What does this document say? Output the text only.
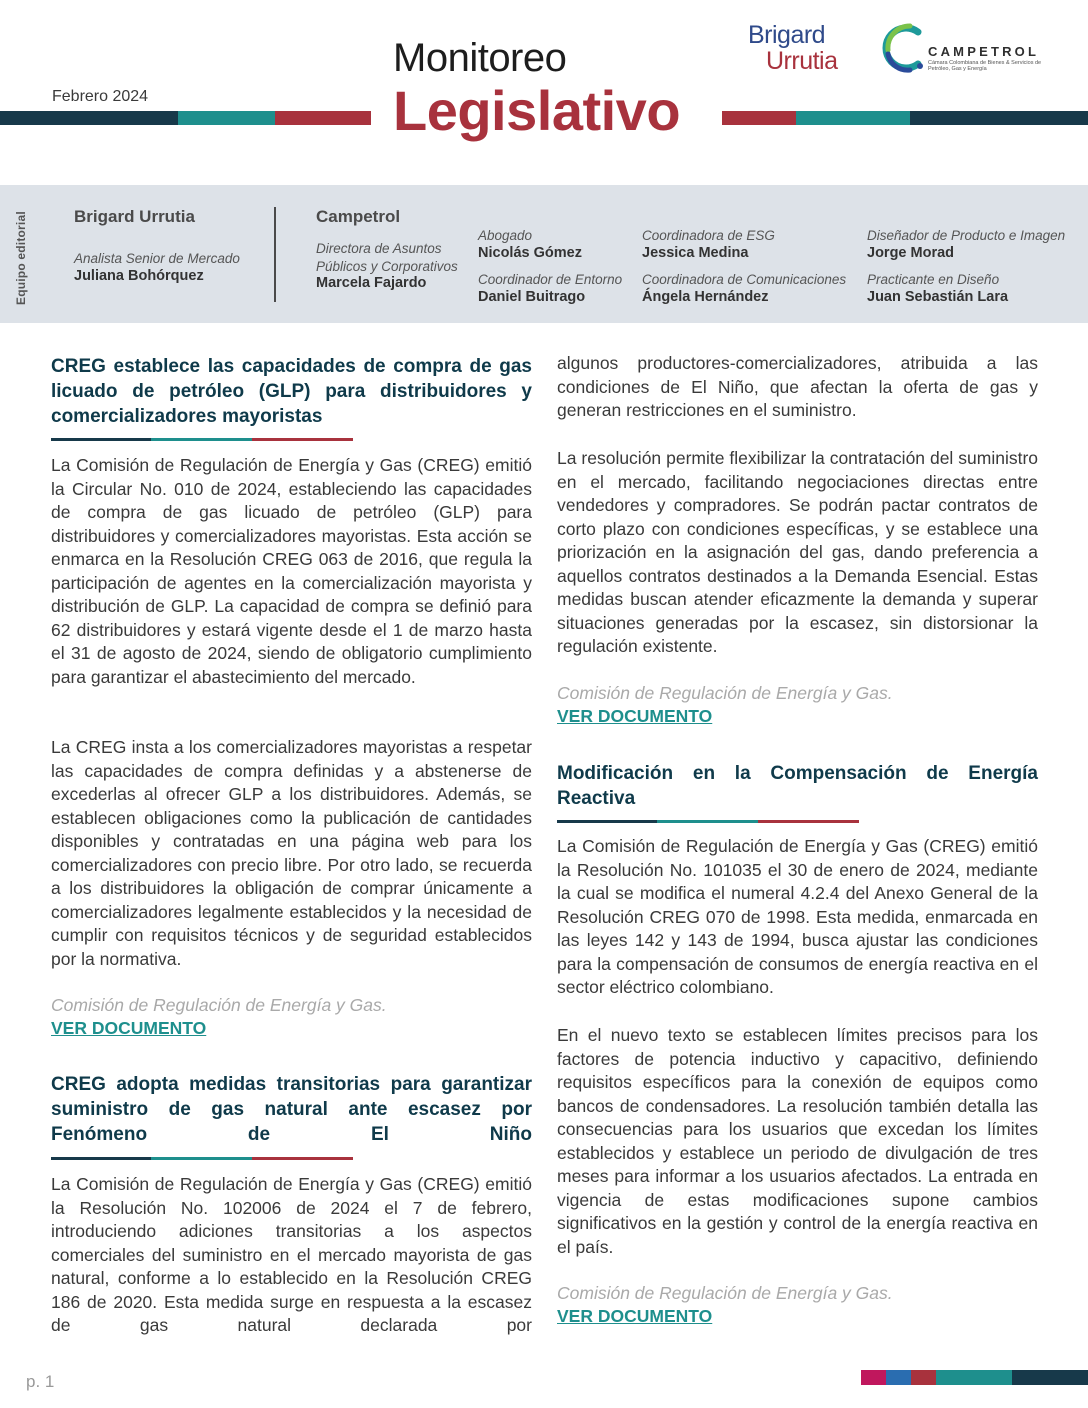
Monitoreo
Legislativo
Febrero 2024
Brigard
Urrutia	CAMPETROL
Cámara Colombiana de Bienes & Servicios de Petróleo, Gas y Energía
Equipo editorial	Brigard Urrutia
Analista Senior de Mercado
Juliana Bohórquez
Campetrol
Directora de Asuntos Públicos y Corporativos
Marcela Fajardo
Abogado
Nicolás Gómez
Coordinador de Entorno
Daniel Buitrago
Coordinadora de ESG
Jessica Medina
Coordinadora de Comunicaciones
Ángela Hernández
Diseñador de Producto e Imagen
Jorge Morad
Practicante en Diseño
Juan Sebastián Lara
CREG establece las capacidades de compra de gas licuado de petróleo (GLP) para distribuidores y comercializadores mayoristas
La Comisión de Regulación de Energía y Gas (CREG) emitió la Circular No. 010 de 2024, estableciendo las capacidades de compra de gas licuado de petróleo (GLP) para distribuidores y comercializadores mayoristas. Esta acción se enmarca en la Resolución CREG 063 de 2016, que regula la participación de agentes en la comercialización mayorista y distribución de GLP. La capacidad de compra se definió para 62 distribuidores y estará vigente desde el 1 de marzo hasta el 31 de agosto de 2024, siendo de obligatorio cumplimiento para garantizar el abastecimiento del mercado.
La CREG insta a los comercializadores mayoristas a respetar las capacidades de compra definidas y a abstenerse de excederlas al ofrecer GLP a los distribuidores. Además, se establecen obligaciones como la publicación de cantidades disponibles y contratadas en una página web para los comercializadores con precio libre. Por otro lado, se recuerda a los distribuidores la obligación de comprar únicamente a comercializadores legalmente establecidos y la necesidad de cumplir con requisitos técnicos y de seguridad establecidos por la normativa.
Comisión de Regulación de Energía y Gas.
VER DOCUMENTO
CREG adopta medidas transitorias para garantizar suministro de gas natural ante escasez por Fenómeno de El Niño
La Comisión de Regulación de Energía y Gas (CREG) emitió la Resolución No. 102006 de 2024 el 7 de febrero, introduciendo adiciones transitorias a los aspectos comerciales del suministro en el mercado mayorista de gas natural, conforme a lo establecido en la Resolución CREG 186 de 2020. Esta medida surge en respuesta a la escasez de gas natural declarada por
algunos productores-comercializadores, atribuida a las condiciones de El Niño, que afectan la oferta de gas y generan restricciones en el suministro.
La resolución permite flexibilizar la contratación del suministro en el mercado, facilitando negociaciones directas entre vendedores y compradores. Se podrán pactar contratos de corto plazo con condiciones específicas, y se establece una priorización en la asignación del gas, dando preferencia a aquellos contratos destinados a la Demanda Esencial. Estas medidas buscan atender eficazmente la demanda y superar situaciones generadas por la escasez, sin distorsionar la regulación existente.
Comisión de Regulación de Energía y Gas.
VER DOCUMENTO
Modificación en la Compensación de Energía Reactiva
La Comisión de Regulación de Energía y Gas (CREG) emitió la Resolución No. 101035 el 30 de enero de 2024, mediante la cual se modifica el numeral 4.2.4 del Anexo General de la Resolución CREG 070 de 1998. Esta medida, enmarcada en las leyes 142 y 143 de 1994, busca ajustar las condiciones para la compensación de consumos de energía reactiva en el sector eléctrico colombiano.
En el nuevo texto se establecen límites precisos para los factores de potencia inductivo y capacitivo, definiendo requisitos específicos para la conexión de equipos como bancos de condensadores. La resolución también detalla las consecuencias para los usuarios que excedan los límites establecidos y establece un periodo de divulgación de tres meses para informar a los usuarios afectados. La entrada en vigencia de estas modificaciones supone cambios significativos en la gestión y control de la energía reactiva en el país.
Comisión de Regulación de Energía y Gas.
VER DOCUMENTO
p. 1
